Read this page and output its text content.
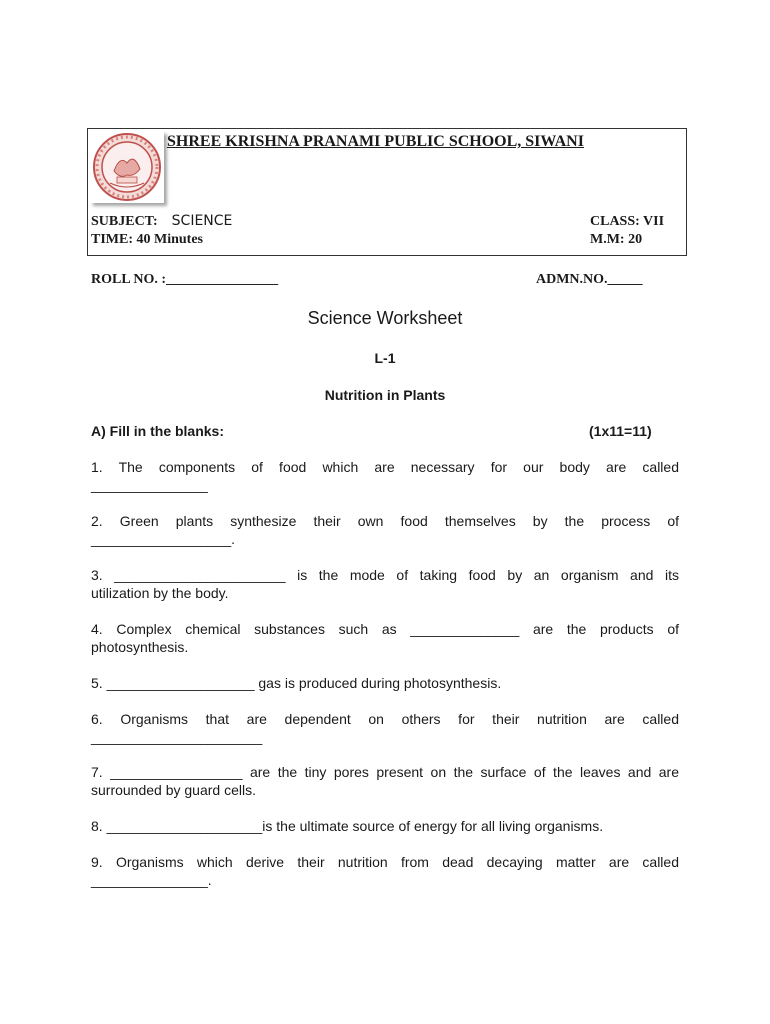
SHREE KRISHNA PRANAMI PUBLIC SCHOOL, SIWANI
SUBJECT: SCIENCE
TIME: 40 Minutes
CLASS: VII
M.M: 20
ROLL NO. :________________	ADMN.NO._____
Science Worksheet
L-1
Nutrition in Plants
A) Fill in the blanks:	(1x11=11)
1. The components of food which are necessary for our body are called
_______________
2. Green plants synthesize their own food themselves by the process of
__________________.
3. ______________________ is the mode of taking food by an organism and its
utilization by the body.
4. Complex chemical substances such as ______________ are the products of
photosynthesis.
5. ___________________ gas is produced during photosynthesis.
6. Organisms that are dependent on others for their nutrition are called
______________________
7. _________________ are the tiny pores present on the surface of the leaves and are
surrounded by guard cells.
8. ____________________is the ultimate source of energy for all living organisms.
9. Organisms which derive their nutrition from dead decaying matter are called
_______________.
